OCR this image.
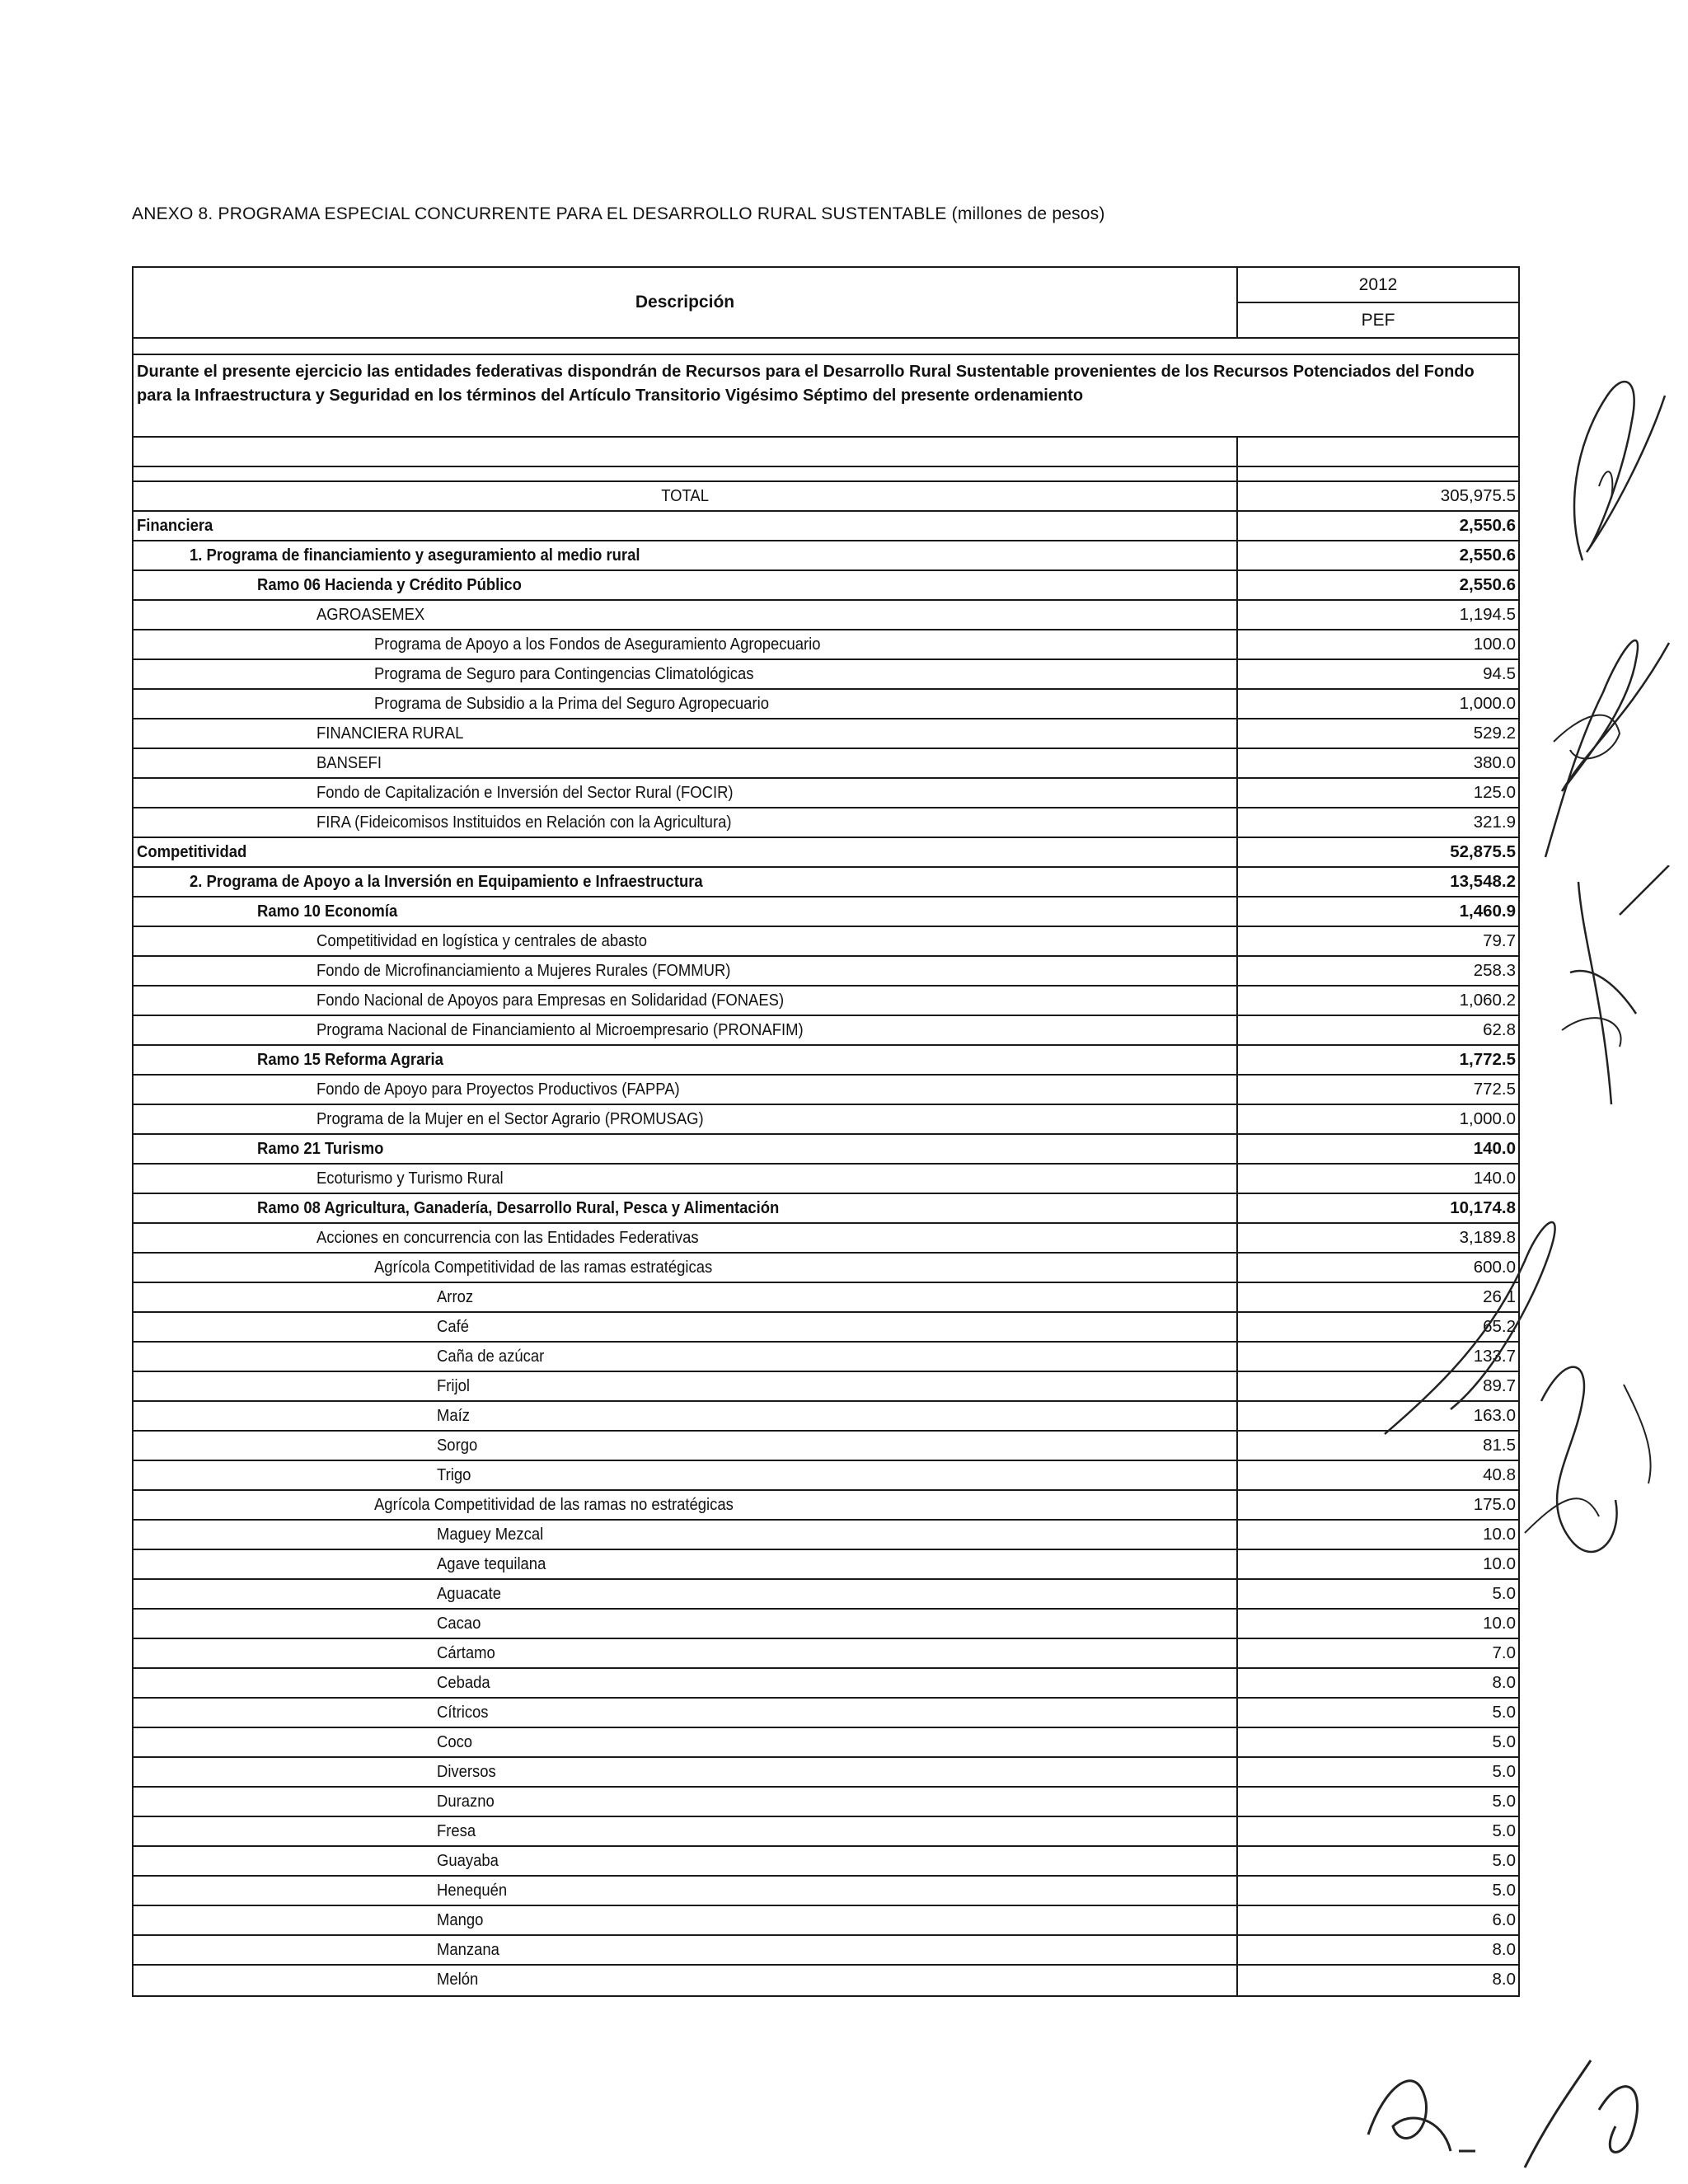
ANEXO 8. PROGRAMA ESPECIAL CONCURRENTE PARA EL DESARROLLO RURAL SUSTENTABLE (millones de pesos)
Descripción
2012
PEF
Durante el presente ejercicio las entidades federativas dispondrán de Recursos para el Desarrollo Rural Sustentable provenientes de los Recursos Potenciados del Fondo para la Infraestructura y Seguridad en los términos del Artículo Transitorio Vigésimo Séptimo del presente ordenamiento
TOTAL	305,975.5
Financiera	2,550.6
1. Programa de financiamiento y aseguramiento al medio rural	2,550.6
Ramo 06 Hacienda y Crédito Público	2,550.6
AGROASEMEX	1,194.5
Programa de Apoyo a los Fondos de Aseguramiento Agropecuario	100.0
Programa de Seguro para Contingencias Climatológicas	94.5
Programa de Subsidio a la Prima del Seguro Agropecuario	1,000.0
FINANCIERA RURAL	529.2
BANSEFI	380.0
Fondo de Capitalización e Inversión del Sector Rural (FOCIR)	125.0
FIRA (Fideicomisos Instituidos en Relación con la Agricultura)	321.9
Competitividad	52,875.5
2. Programa de Apoyo a la Inversión en Equipamiento e Infraestructura	13,548.2
Ramo 10 Economía	1,460.9
Competitividad en logística y centrales de abasto	79.7
Fondo de Microfinanciamiento a Mujeres Rurales (FOMMUR)	258.3
Fondo Nacional de Apoyos para Empresas en Solidaridad (FONAES)	1,060.2
Programa Nacional de Financiamiento al Microempresario (PRONAFIM)	62.8
Ramo 15 Reforma Agraria	1,772.5
Fondo de Apoyo para Proyectos Productivos (FAPPA)	772.5
Programa de la Mujer en el Sector Agrario (PROMUSAG)	1,000.0
Ramo 21 Turismo	140.0
Ecoturismo y Turismo Rural	140.0
Ramo 08 Agricultura, Ganadería, Desarrollo Rural, Pesca y Alimentación	10,174.8
Acciones en concurrencia con las Entidades Federativas	3,189.8
Agrícola Competitividad de las ramas estratégicas	600.0
Arroz	26.1
Café	65.2
Caña de azúcar	133.7
Frijol	89.7
Maíz	163.0
Sorgo	81.5
Trigo	40.8
Agrícola Competitividad de las ramas no estratégicas	175.0
Maguey Mezcal	10.0
Agave tequilana	10.0
Aguacate	5.0
Cacao	10.0
Cártamo	7.0
Cebada	8.0
Cítricos	5.0
Coco	5.0
Diversos	5.0
Durazno	5.0
Fresa	5.0
Guayaba	5.0
Henequén	5.0
Mango	6.0
Manzana	8.0
Melón	8.0
